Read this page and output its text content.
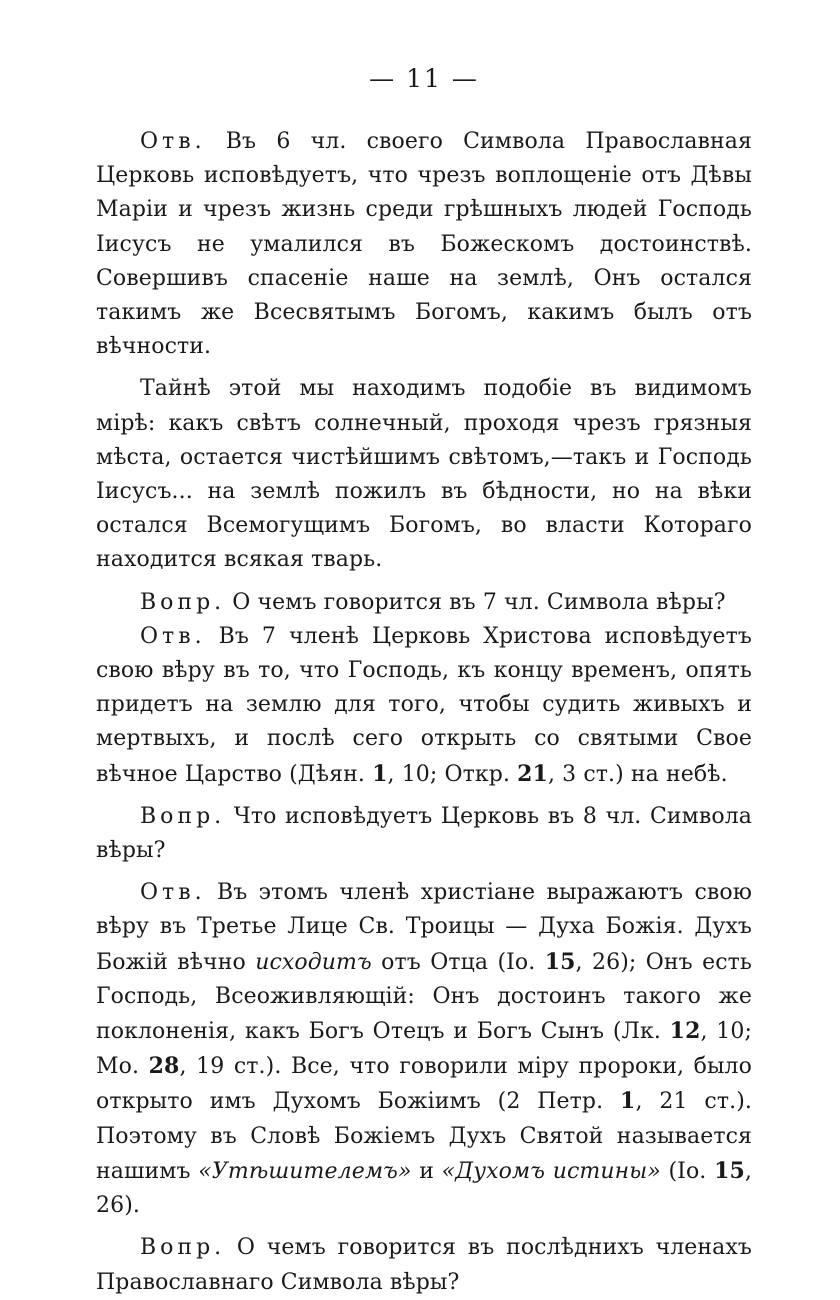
— 11 —

Отв. Въ 6 чл. своего Символа Православная Церковь исповѣдуетъ, что чрезъ воплощеніе отъ Дѣвы Маріи и чрезъ жизнь среди грѣшныхъ людей Господь Іисусъ не умалился въ Божескомъ достоинствѣ. Совершивъ спасеніе наше на землѣ, Онъ остался такимъ же Всесвятымъ Богомъ, какимъ былъ отъ вѣчности.

Тайнѣ этой мы находимъ подобіе въ видимомъ мірѣ: какъ свѣтъ солнечный, проходя чрезъ грязныя мѣста, остается чистѣйшимъ свѣтомъ,—такъ и Господь Іисусъ... на землѣ пожилъ въ бѣдности, но на вѣки остался Всемогущимъ Богомъ, во власти Котораго находится всякая тварь.

Вопр. О чемъ говорится въ 7 чл. Символа вѣры?

Отв. Въ 7 членѣ Церковь Христова исповѣдуетъ свою вѣру въ то, что Господь, къ концу временъ, опять придетъ на землю для того, чтобы судить живыхъ и мертвыхъ, и послѣ сего открыть со святыми Свое вѣчное Царство (Дѣян. 1, 10; Откр. 21, 3 ст.) на небѣ.

Вопр. Что исповѣдуетъ Церковь въ 8 чл. Символа вѣры?

Отв. Въ этомъ членѣ христіане выражаютъ свою вѣру въ Третье Лице Св. Троицы — Духа Божія. Духъ Божій вѣчно исходитъ отъ Отца (Іо. 15, 26); Онъ есть Господь, Всеоживляющій: Онъ достоинъ такого же поклоненія, какъ Богъ Отецъ и Богъ Сынъ (Лк. 12, 10; Мо. 28, 19 ст.). Все, что говорили міру пророки, было открыто имъ Духомъ Божіимъ (2 Петр. 1, 21 ст.). Поэтому въ Словѣ Божіемъ Духъ Святой называется нашимъ «Утѣшителемъ» и «Духомъ истины» (Іо. 15, 26).

Вопр. О чемъ говорится въ послѣднихъ членахъ Православнаго Символа вѣры?
